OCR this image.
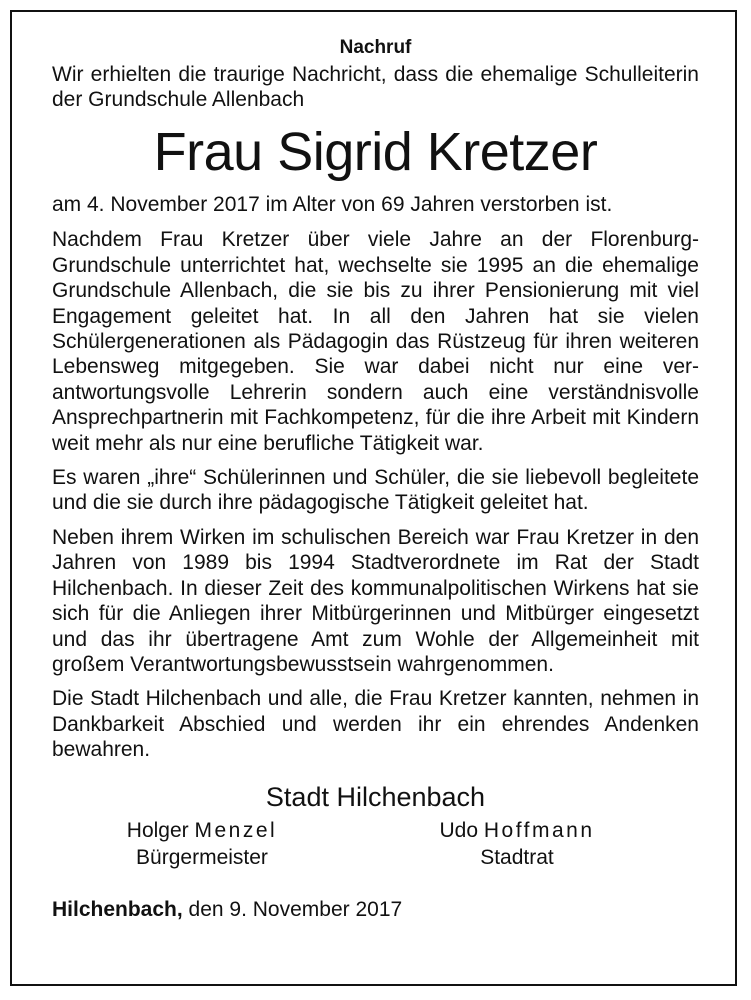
Nachruf

Wir erhielten die traurige Nachricht, dass die ehemalige Schulleiterin der Grundschule Allenbach

Frau Sigrid Kretzer

am 4. November 2017 im Alter von 69 Jahren verstorben ist.

Nachdem Frau Kretzer über viele Jahre an der Florenburg-Grundschule unterrichtet hat, wechselte sie 1995 an die ehemalige Grundschule Allenbach, die sie bis zu ihrer Pensionierung mit viel Engagement geleitet hat. In all den Jahren hat sie vielen Schülergenerationen als Pädagogin das Rüstzeug für ihren weiteren Lebensweg mitgegeben. Sie war dabei nicht nur eine verantwortungsvolle Lehrerin sondern auch eine verständnisvolle Ansprechpartnerin mit Fachkompetenz, für die ihre Arbeit mit Kindern weit mehr als nur eine berufliche Tätigkeit war.

Es waren „ihre“ Schülerinnen und Schüler, die sie liebevoll begleitete und die sie durch ihre pädagogische Tätigkeit geleitet hat.

Neben ihrem Wirken im schulischen Bereich war Frau Kretzer in den Jahren von 1989 bis 1994 Stadtverordnete im Rat der Stadt Hilchenbach. In dieser Zeit des kommunalpolitischen Wirkens hat sie sich für die Anliegen ihrer Mitbürgerinnen und Mitbürger eingesetzt und das ihr übertragene Amt zum Wohle der Allgemeinheit mit großem Verantwortungsbewusstsein wahrgenommen.

Die Stadt Hilchenbach und alle, die Frau Kretzer kannten, nehmen in Dankbarkeit Abschied und werden ihr ein ehrendes Andenken bewahren.

Stadt Hilchenbach
Holger Menzel
Bürgermeister
Udo Hoffmann
Stadtrat
Hilchenbach, den 9. November 2017
